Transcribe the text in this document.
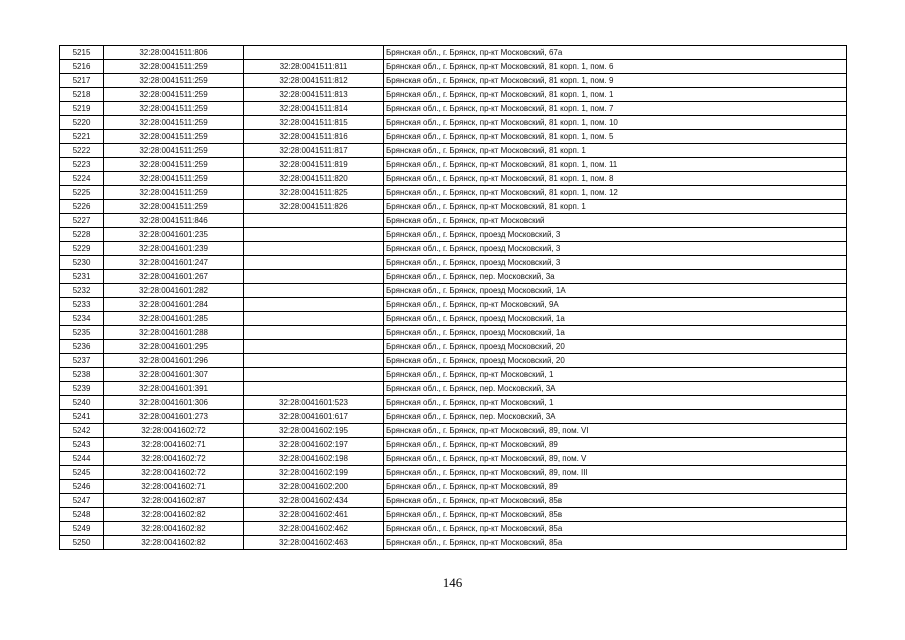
5215	32:28:0041511:806		Брянская обл., г. Брянск, пр-кт Московский, 67а
5216	32:28:0041511:259	32:28:0041511:811	Брянская обл., г. Брянск, пр-кт Московский, 81 корп. 1, пом. 6
5217	32:28:0041511:259	32:28:0041511:812	Брянская обл., г. Брянск, пр-кт Московский, 81 корп. 1, пом. 9
5218	32:28:0041511:259	32:28:0041511:813	Брянская обл., г. Брянск, пр-кт Московский, 81 корп. 1, пом. 1
5219	32:28:0041511:259	32:28:0041511:814	Брянская обл., г. Брянск, пр-кт Московский, 81 корп. 1, пом. 7
5220	32:28:0041511:259	32:28:0041511:815	Брянская обл., г. Брянск, пр-кт Московский, 81 корп. 1, пом. 10
5221	32:28:0041511:259	32:28:0041511:816	Брянская обл., г. Брянск, пр-кт Московский, 81 корп. 1, пом. 5
5222	32:28:0041511:259	32:28:0041511:817	Брянская обл., г. Брянск, пр-кт Московский, 81 корп. 1
5223	32:28:0041511:259	32:28:0041511:819	Брянская обл., г. Брянск, пр-кт Московский, 81 корп. 1, пом. 11
5224	32:28:0041511:259	32:28:0041511:820	Брянская обл., г. Брянск, пр-кт Московский, 81 корп. 1, пом. 8
5225	32:28:0041511:259	32:28:0041511:825	Брянская обл., г. Брянск, пр-кт Московский, 81 корп. 1, пом. 12
5226	32:28:0041511:259	32:28:0041511:826	Брянская обл., г. Брянск, пр-кт Московский, 81 корп. 1
5227	32:28:0041511:846		Брянская обл., г. Брянск, пр-кт Московский
5228	32:28:0041601:235		Брянская обл., г. Брянск, проезд Московский, 3
5229	32:28:0041601:239		Брянская обл., г. Брянск, проезд Московский, 3
5230	32:28:0041601:247		Брянская обл., г. Брянск, проезд Московский, 3
5231	32:28:0041601:267		Брянская обл., г. Брянск, пер. Московский, 3а
5232	32:28:0041601:282		Брянская обл., г. Брянск, проезд Московский, 1А
5233	32:28:0041601:284		Брянская обл., г. Брянск, пр-кт Московский, 9А
5234	32:28:0041601:285		Брянская обл., г. Брянск, проезд Московский, 1а
5235	32:28:0041601:288		Брянская обл., г. Брянск, проезд Московский, 1а
5236	32:28:0041601:295		Брянская обл., г. Брянск, проезд Московский, 20
5237	32:28:0041601:296		Брянская обл., г. Брянск, проезд Московский, 20
5238	32:28:0041601:307		Брянская обл., г. Брянск, пр-кт Московский, 1
5239	32:28:0041601:391		Брянская обл., г. Брянск, пер. Московский, 3А
5240	32:28:0041601:306	32:28:0041601:523	Брянская обл., г. Брянск, пр-кт Московский, 1
5241	32:28:0041601:273	32:28:0041601:617	Брянская обл., г. Брянск, пер. Московский, 3А
5242	32:28:0041602:72	32:28:0041602:195	Брянская обл., г. Брянск, пр-кт Московский, 89, пом. VI
5243	32:28:0041602:71	32:28:0041602:197	Брянская обл., г. Брянск, пр-кт Московский, 89
5244	32:28:0041602:72	32:28:0041602:198	Брянская обл., г. Брянск, пр-кт Московский, 89, пом. V
5245	32:28:0041602:72	32:28:0041602:199	Брянская обл., г. Брянск, пр-кт Московский, 89, пом. III
5246	32:28:0041602:71	32:28:0041602:200	Брянская обл., г. Брянск, пр-кт Московский, 89
5247	32:28:0041602:87	32:28:0041602:434	Брянская обл., г. Брянск, пр-кт Московский, 85в
5248	32:28:0041602:82	32:28:0041602:461	Брянская обл., г. Брянск, пр-кт Московский, 85в
5249	32:28:0041602:82	32:28:0041602:462	Брянская обл., г. Брянск, пр-кт Московский, 85а
5250	32:28:0041602:82	32:28:0041602:463	Брянская обл., г. Брянск, пр-кт Московский, 85а
146
